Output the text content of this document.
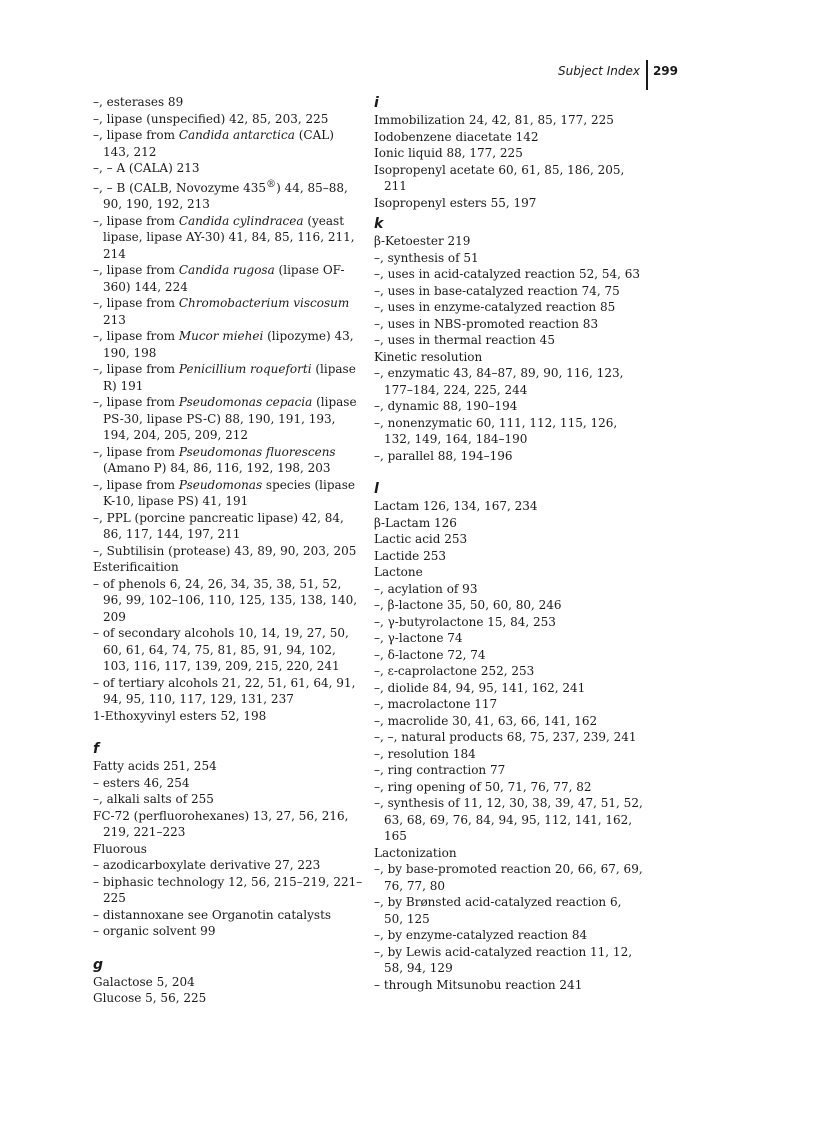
Subject Index 299
–, esterases 89
–, lipase (unspecified) 42, 85, 203, 225
–, lipase from Candida antarctica (CAL) 143, 212
–, – A (CALA) 213
–, – B (CALB, Novozyme 435®) 44, 85–88, 90, 190, 192, 213
–, lipase from Candida cylindracea (yeast lipase, lipase AY-30) 41, 84, 85, 116, 211, 214
–, lipase from Candida rugosa (lipase OF-360) 144, 224
–, lipase from Chromobacterium viscosum 213
–, lipase from Mucor miehei (lipozyme) 43, 190, 198
–, lipase from Penicillium roqueforti (lipase R) 191
–, lipase from Pseudomonas cepacia (lipase PS-30, lipase PS-C) 88, 190, 191, 193, 194, 204, 205, 209, 212
–, lipase from Pseudomonas fluorescens (Amano P) 84, 86, 116, 192, 198, 203
–, lipase from Pseudomonas species (lipase K-10, lipase PS) 41, 191
–, PPL (porcine pancreatic lipase) 42, 84, 86, 117, 144, 197, 211
–, Subtilisin (protease) 43, 89, 90, 203, 205
Esterificaition
– of phenols 6, 24, 26, 34, 35, 38, 51, 52, 96, 99, 102–106, 110, 125, 135, 138, 140, 209
– of secondary alcohols 10, 14, 19, 27, 50, 60, 61, 64, 74, 75, 81, 85, 91, 94, 102, 103, 116, 117, 139, 209, 215, 220, 241
– of tertiary alcohols 21, 22, 51, 61, 64, 91, 94, 95, 110, 117, 129, 131, 237
1-Ethoxyvinyl esters 52, 198
f
Fatty acids 251, 254
– esters 46, 254
–, alkali salts of 255
FC-72 (perfluorohexanes) 13, 27, 56, 216, 219, 221–223
Fluorous
– azodicarboxylate derivative 27, 223
– biphasic technology 12, 56, 215–219, 221–225
– distannoxane see Organotin catalysts
– organic solvent 99
g
Galactose 5, 204
Glucose 5, 56, 225
i
Immobilization 24, 42, 81, 85, 177, 225
Iodobenzene diacetate 142
Ionic liquid 88, 177, 225
Isopropenyl acetate 60, 61, 85, 186, 205, 211
Isopropenyl esters 55, 197
k
β-Ketoester 219
–, synthesis of 51
–, uses in acid-catalyzed reaction 52, 54, 63
–, uses in base-catalyzed reaction 74, 75
–, uses in enzyme-catalyzed reaction 85
–, uses in NBS-promoted reaction 83
–, uses in thermal reaction 45
Kinetic resolution
–, enzymatic 43, 84–87, 89, 90, 116, 123, 177–184, 224, 225, 244
–, dynamic 88, 190–194
–, nonenzymatic 60, 111, 112, 115, 126, 132, 149, 164, 184–190
–, parallel 88, 194–196
l
Lactam 126, 134, 167, 234
β-Lactam 126
Lactic acid 253
Lactide 253
Lactone
–, acylation of 93
–, β-lactone 35, 50, 60, 80, 246
–, γ-butyrolactone 15, 84, 253
–, γ-lactone 74
–, δ-lactone 72, 74
–, ε-caprolactone 252, 253
–, diolide 84, 94, 95, 141, 162, 241
–, macrolactone 117
–, macrolide 30, 41, 63, 66, 141, 162
–, –, natural products 68, 75, 237, 239, 241
–, resolution 184
–, ring contraction 77
–, ring opening of 50, 71, 76, 77, 82
–, synthesis of 11, 12, 30, 38, 39, 47, 51, 52, 63, 68, 69, 76, 84, 94, 95, 112, 141, 162, 165
Lactonization
–, by base-promoted reaction 20, 66, 67, 69, 76, 77, 80
–, by Brønsted acid-catalyzed reaction 6, 50, 125
–, by enzyme-catalyzed reaction 84
–, by Lewis acid-catalyzed reaction 11, 12, 58, 94, 129
– through Mitsunobu reaction 241
